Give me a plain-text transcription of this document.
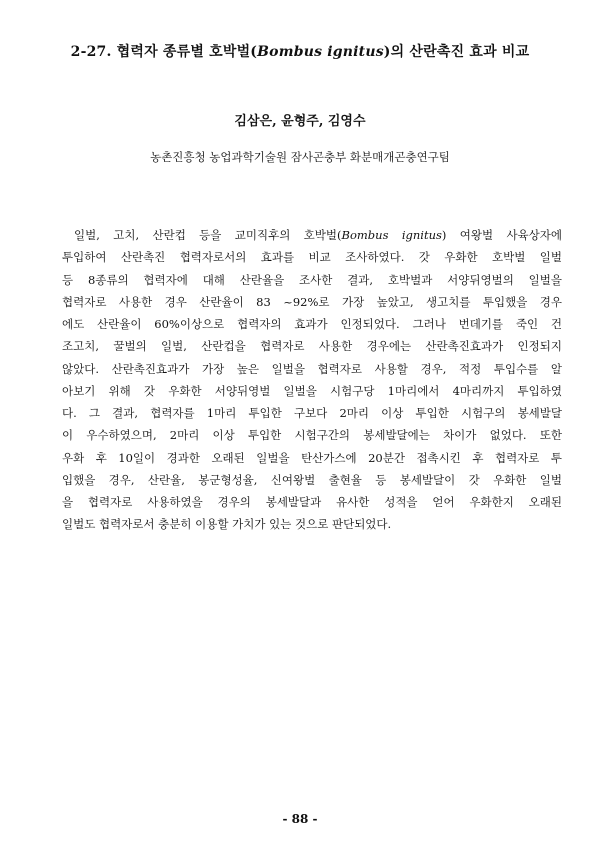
2-27. 협력자 종류별 호박벌(Bombus ignitus)의 산란촉진 효과 비교
김삼은, 윤형주, 김영수
농촌진흥청 농업과학기술원 잠사곤충부 화분매개곤충연구팀
일벌, 고치, 산란컵 등을 교미직후의 호박벌(Bombus ignitus) 여왕벌 사육상자에
투입하여 산란촉진 협력자로서의 효과를 비교 조사하였다. 갓 우화한 호박벌 일벌
등 8종류의 협력자에 대해 산란율을 조사한 결과, 호박벌과 서양뒤영벌의 일벌을
협력자로 사용한 경우 산란율이 83 ~92%로 가장 높았고, 생고치를 투입했을 경우
에도 산란율이 60%이상으로 협력자의 효과가 인정되었다. 그러나 번데기를 죽인 건
조고치, 꿀벌의 일벌, 산란컵을 협력자로 사용한 경우에는 산란촉진효과가 인정되지
않았다. 산란촉진효과가 가장 높은 일벌을 협력자로 사용할 경우, 적정 투입수를 알
아보기 위해 갓 우화한 서양뒤영벌 일벌을 시험구당 1마리에서 4마리까지 투입하였
다. 그 결과, 협력자를 1마리 투입한 구보다 2마리 이상 투입한 시험구의 봉세발달
이 우수하였으며, 2마리 이상 투입한 시험구간의 봉세발달에는 차이가 없었다. 또한
우화 후 10일이 경과한 오래된 일벌을 탄산가스에 20분간 접촉시킨 후 협력자로 투
입했을 경우, 산란율, 봉군형성율, 신여왕벌 출현율 등 봉세발달이 갓 우화한 일벌
을 협력자로 사용하였을 경우의 봉세발달과 유사한 성적을 얻어 우화한지 오래된
일벌도 협력자로서 충분히 이용할 가치가 있는 것으로 판단되었다.
- 88 -
